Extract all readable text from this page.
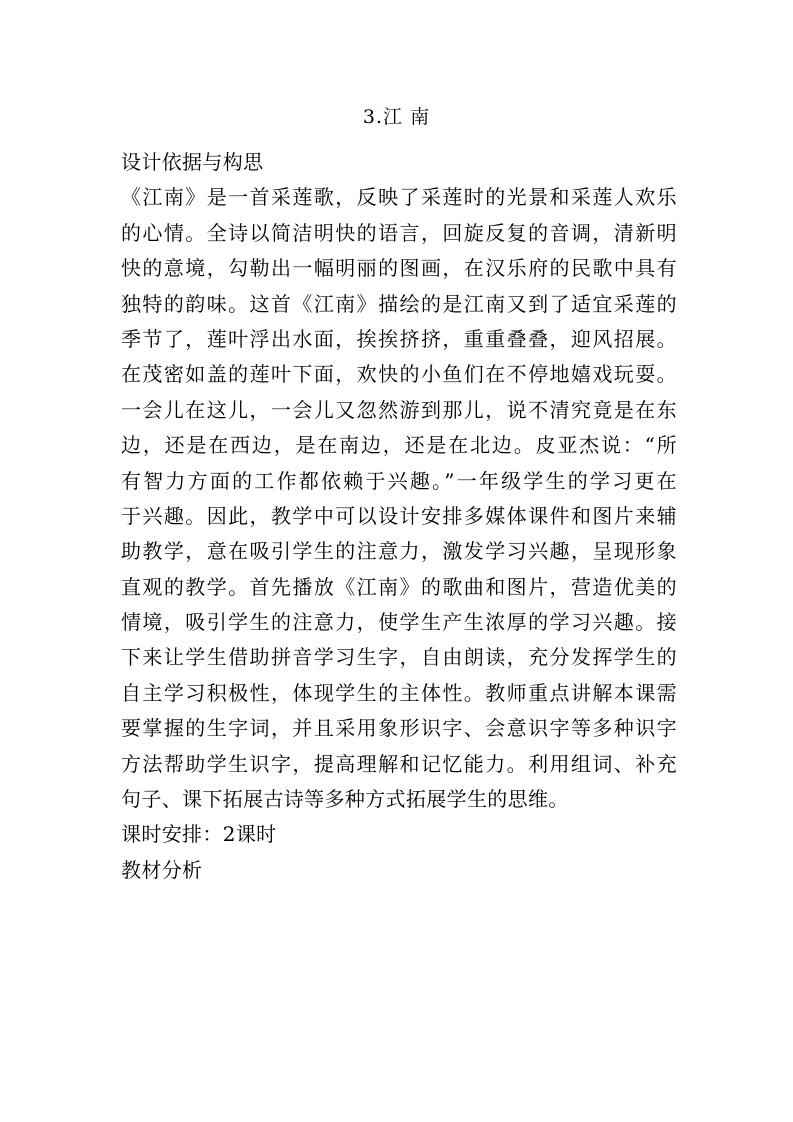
3.江 南
设计依据与构思
《江南》是一首采莲歌，反映了采莲时的光景和采莲人欢乐
的心情。全诗以简洁明快的语言，回旋反复的音调，清新明
快的意境，勾勒出一幅明丽的图画，在汉乐府的民歌中具有
独特的韵味。这首《江南》描绘的是江南又到了适宜采莲的
季节了，莲叶浮出水面，挨挨挤挤，重重叠叠，迎风招展。
在茂密如盖的莲叶下面，欢快的小鱼们在不停地嬉戏玩耍。
一会儿在这儿，一会儿又忽然游到那儿，说不清究竟是在东
边，还是在西边，是在南边，还是在北边。皮亚杰说：“所
有智力方面的工作都依赖于兴趣。”一年级学生的学习更在
于兴趣。因此，教学中可以设计安排多媒体课件和图片来辅
助教学，意在吸引学生的注意力，激发学习兴趣，呈现形象
直观的教学。首先播放《江南》的歌曲和图片，营造优美的
情境，吸引学生的注意力，使学生产生浓厚的学习兴趣。接
下来让学生借助拼音学习生字，自由朗读，充分发挥学生的
自主学习积极性，体现学生的主体性。教师重点讲解本课需
要掌握的生字词，并且采用象形识字、会意识字等多种识字
方法帮助学生识字，提高理解和记忆能力。利用组词、补充
句子、课下拓展古诗等多种方式拓展学生的思维。
课时安排：2课时
教材分析
